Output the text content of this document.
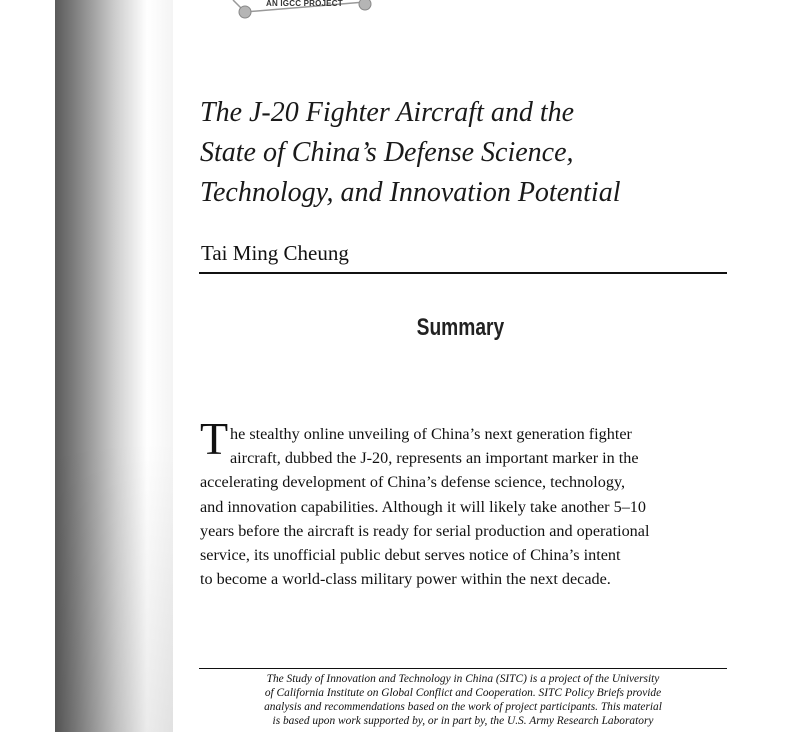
AN IGCC PROJECT
The J-20 Fighter Aircraft and the
State of China’s Defense Science,
Technology, and Innovation Potential
Tai Ming Cheung
Summary
T he stealthy online unveiling of China’s next generation fighter
aircraft, dubbed the J-20, represents an important marker in the
accelerating development of China’s defense science, technology,
and innovation capabilities. Although it will likely take another 5–10
years before the aircraft is ready for serial production and operational
service, its unofficial public debut serves notice of China’s intent
to become a world-class military power within the next decade.
The Study of Innovation and Technology in China (SITC) is a project of the University
of California Institute on Global Conflict and Cooperation. SITC Policy Briefs provide
analysis and recommendations based on the work of project participants. This material
is based upon work supported by, or in part by, the U.S. Army Research Laboratory
